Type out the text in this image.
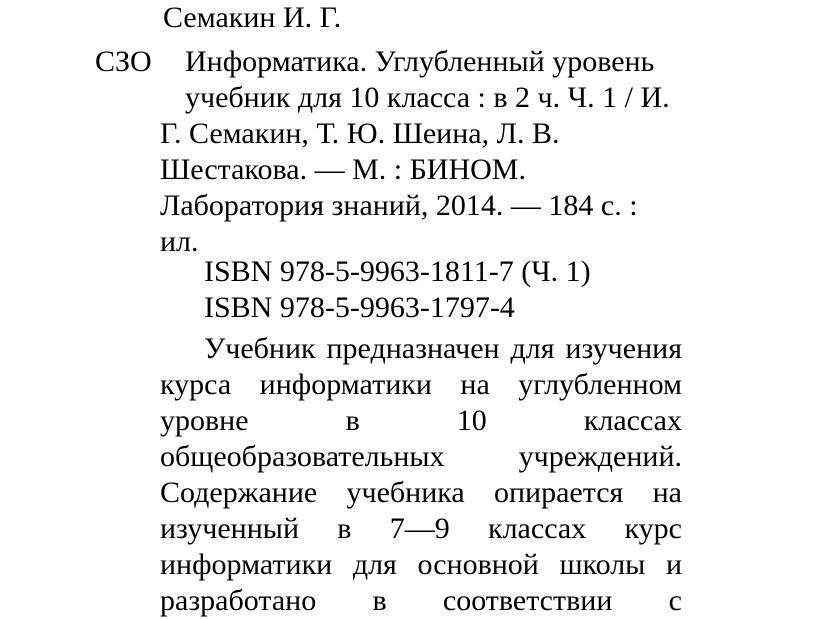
Семакин И. Г.
СЗО Информатика. Углубленный уровень
учебник для 10 класса : в 2 ч. Ч. 1 / И.
Г. Семакин, Т. Ю. Шеина, Л. В.
Шестакова. — М. : БИНОМ.
Лаборатория знаний, 2014. — 184 с. :
ил.
ISBN 978-5-9963-1811-7 (Ч. 1)
ISBN 978-5-9963-1797-4
Учебник предназначен для изучения
курса информатики на углубленном
уровне	в	10	классах
общеобразовательных учреждений.
Содержание учебника опирается на
изученный в 7—9 классах курс
информатики для основной школы и
разработано в соответствии с
